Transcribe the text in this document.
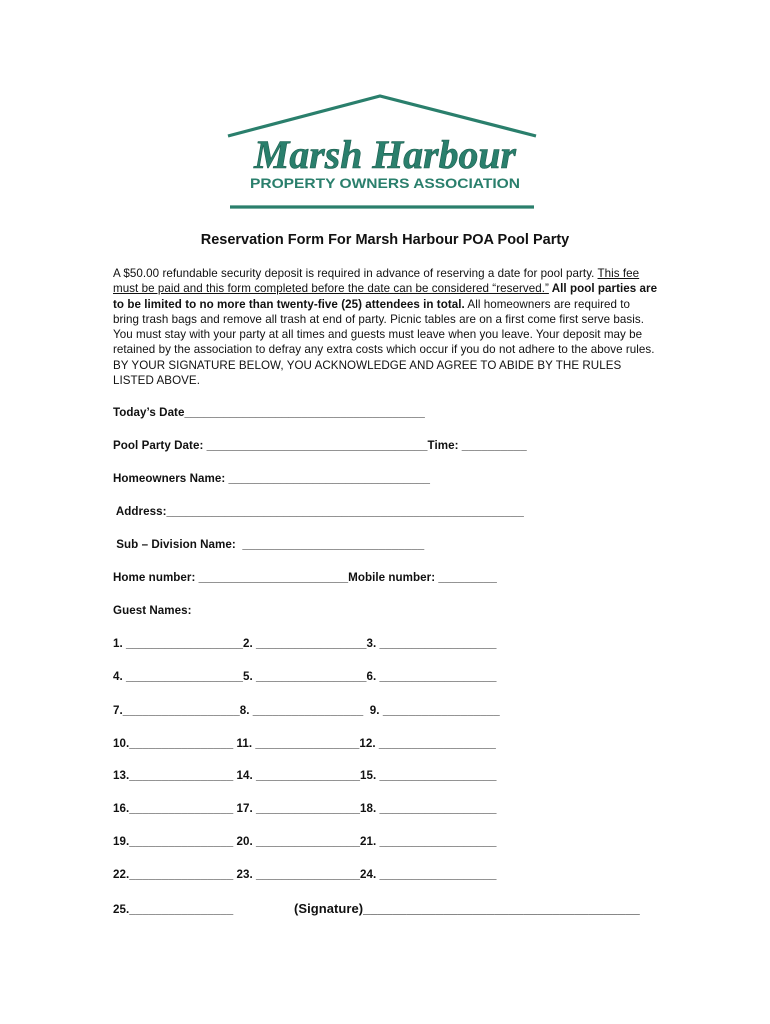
Marsh Harbour
PROPERTY OWNERS ASSOCIATION
Reservation Form For Marsh Harbour POA Pool Party
A $50.00 refundable security deposit is required in advance of reserving a date for pool party. This fee must be paid and this form completed before the date can be considered “reserved.” All pool parties are to be limited to no more than twenty-five (25) attendees in total. All homeowners are required to bring trash bags and remove all trash at end of party. Picnic tables are on a first come first serve basis. You must stay with your party at all times and guests must leave when you leave. Your deposit may be retained by the association to defray any extra costs which occur if you do not adhere to the above rules. BY YOUR SIGNATURE BELOW, YOU ACKNOWLEDGE AND AGREE TO ABIDE BY THE RULES LISTED ABOVE.
Today’s Date_____________________________________
Pool Party Date: __________________________________Time: __________
Homeowners Name: _______________________________
Address:_______________________________________________________
Sub – Division Name:  ____________________________
Home number: _______________________Mobile number: _________
Guest Names:
1. __________________2. _________________3. __________________
4. __________________5. _________________6. __________________
7.__________________8. _________________  9. __________________
10.________________ 11. ________________12. __________________
13.________________ 14. ________________15. __________________
16.________________ 17. ________________18. __________________
19.________________ 20. ________________21. __________________
22.________________ 23. ________________24. __________________
25.________________	(Signature)______________________________________
